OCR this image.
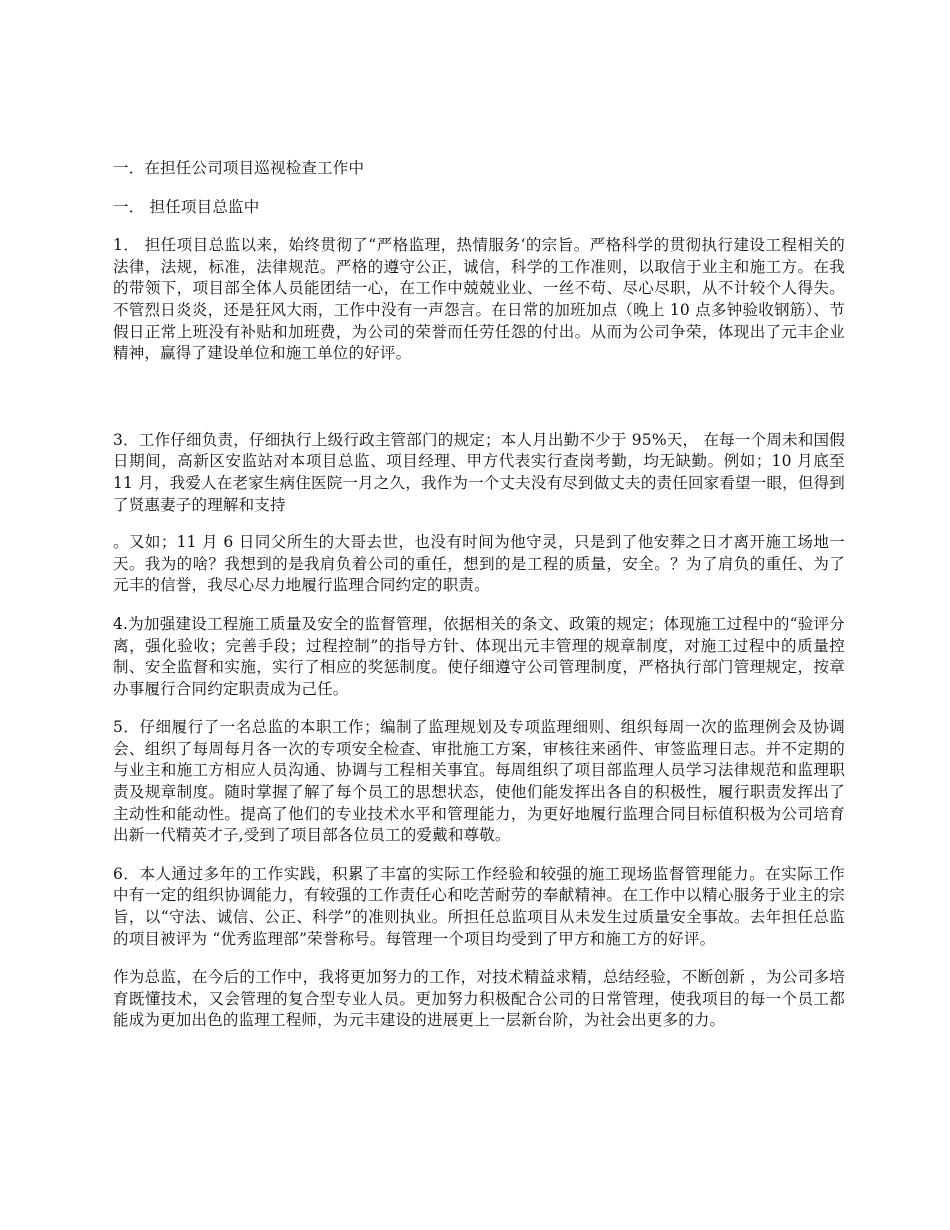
一．在担任公司项目巡视检查工作中

一． 担任项目总监中

1． 担任项目总监以来，始终贯彻了“严格监理，热情服务‘的宗旨。严格科学的贯彻执行建设工程相关的法律，法规，标准，法律规范。严格的遵守公正，诚信，科学的工作准则，以取信于业主和施工方。在我的带领下，项目部全体人员能团结一心，在工作中兢兢业业、一丝不苟、尽心尽职，从不计较个人得失。不管烈日炎炎，还是狂风大雨，工作中没有一声怨言。在日常的加班加点（晚上 10 点多钟验收钢筋）、节假日正常上班没有补贴和加班费，为公司的荣誉而任劳任怨的付出。从而为公司争荣，体现出了元丰企业精神，赢得了建设单位和施工单位的好评。

3．工作仔细负责，仔细执行上级行政主管部门的规定；本人月出勤不少于 95%天， 在每一个周未和国假日期间，高新区安监站对本项目总监、项目经理、甲方代表实行查岗考勤，均无缺勤。例如；10 月底至 11 月，我爱人在老家生病住医院一月之久，我作为一个丈夫没有尽到做丈夫的责任回家看望一眼，但得到了贤惠妻子的理解和支持

。又如；11 月 6 日同父所生的大哥去世，也没有时间为他守灵，只是到了他安葬之日才离开施工场地一天。我为的啥？我想到的是我肩负着公司的重任，想到的是工程的质量，安全。？为了肩负的重任、为了元丰的信誉，我尽心尽力地履行监理合同约定的职责。

4.为加强建设工程施工质量及安全的监督管理，依据相关的条文、政策的规定；体现施工过程中的“验评分离，强化验收；完善手段；过程控制”的指导方针、体现出元丰管理的规章制度，对施工过程中的质量控制、安全监督和实施，实行了相应的奖惩制度。使仔细遵守公司管理制度，严格执行部门管理规定，按章办事履行合同约定职责成为己任。

5．仔细履行了一名总监的本职工作；编制了监理规划及专项监理细则、组织每周一次的监理例会及协调会、组织了每周每月各一次的专项安全检查、审批施工方案，审核往来函件、审签监理日志。并不定期的与业主和施工方相应人员沟通、协调与工程相关事宜。每周组织了项目部监理人员学习法律规范和监理职责及规章制度。随时掌握了解了每个员工的思想状态，使他们能发挥出各自的积极性，履行职责发挥出了主动性和能动性。提高了他们的专业技术水平和管理能力，为更好地履行监理合同目标值积极为公司培育出新一代精英才子,受到了项目部各位员工的爱戴和尊敬。

6．本人通过多年的工作实践，积累了丰富的实际工作经验和较强的施工现场监督管理能力。在实际工作中有一定的组织协调能力，有较强的工作责任心和吃苦耐劳的奉献精神。在工作中以精心服务于业主的宗旨，以“守法、诚信、公正、科学”的准则执业。所担任总监项目从未发生过质量安全事故。去年担任总监的项目被评为 “优秀监理部”荣誉称号。每管理一个项目均受到了甲方和施工方的好评。

作为总监，在今后的工作中，我将更加努力的工作，对技术精益求精，总结经验，不断创新 ，为公司多培育既懂技术，又会管理的复合型专业人员。更加努力积极配合公司的日常管理，使我项目的每一个员工都能成为更加出色的监理工程师，为元丰建设的进展更上一层新台阶，为社会出更多的力。
